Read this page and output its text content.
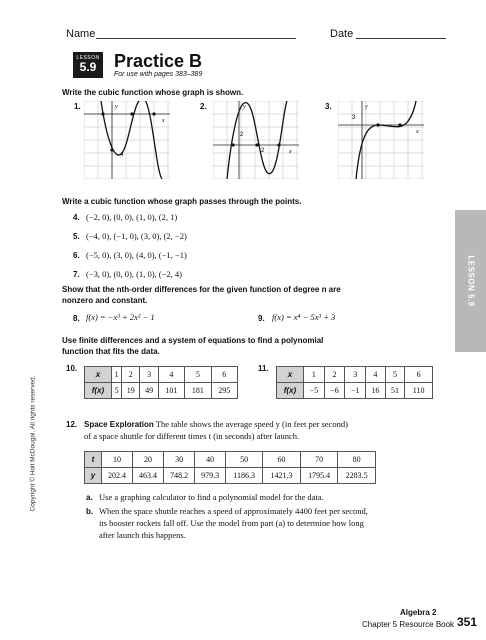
Name	Date
LESSON
5.9 Practice B
For use with pages 383–389
Write the cubic function whose graph is shown.
1.	y
x
4
2.	y
x
2
2
3.	y
x
3
Write a cubic function whose graph passes through the points.
4. (−2, 0), (0, 0), (1, 0), (2, 1)
5. (−4, 0), (−1, 0), (3, 0), (2, −2)
6. (−5, 0), (3, 0), (4, 0), (−1, −1)
7. (−3, 0), (0, 0), (1, 0), (−2, 4)	LESSON 5.9
Show that the nth-order differences for the given function of degree n are
nonzero and constant.
8. f(x) = −x³ + 2x² − 1	9. f(x) = x⁴ − 5x³ + 3
Use finite differences and a system of equations to find a polynomial
function that fits the data.
10.
x	1	2	3	4	5	6
f(x)	5	19	49	101	181	295
11.
x	1	2	3	4	5	6
f(x)	−5	−6	−1	16	51	110
Copyright © Holt McDougal. All rights reserved.	12. Space Exploration The table shows the average speed y (in feet per second)
of a space shuttle for different times t (in seconds) after launch.
t	10	20	30	40	50	60	70	80
y	202.4	463.4	748.2	979.3	1186.3	1421.3	1795.4	2283.5
a. Use a graphing calculator to find a polynomial model for the data.
b. When the space shuttle reaches a speed of approximately 4400 feet per second,
its booster rockets fall off. Use the model from part (a) to determine how long
after launch this happens.
Algebra 2
Chapter 5 Resource Book 351
